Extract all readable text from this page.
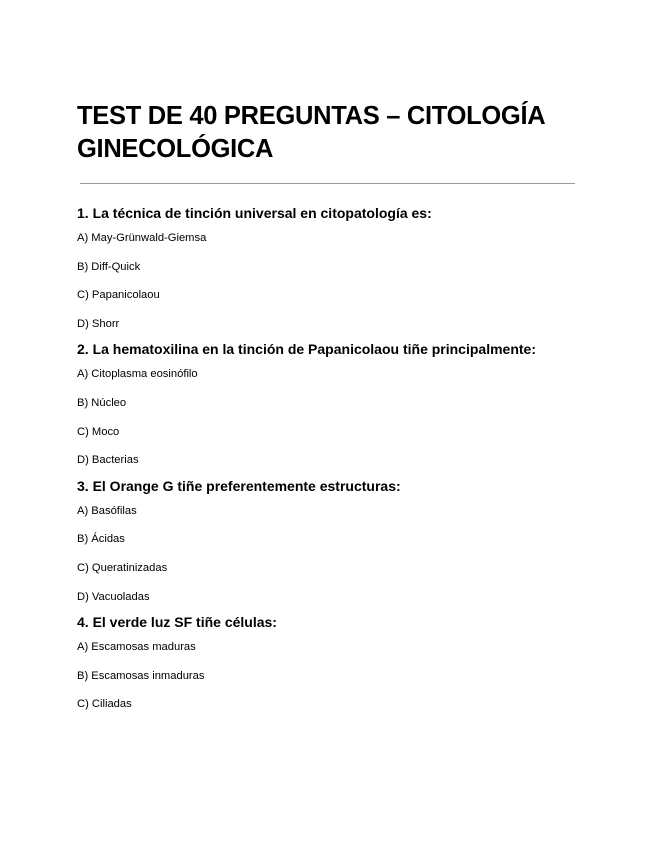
TEST DE 40 PREGUNTAS – CITOLOGÍA GINECOLÓGICA
1. La técnica de tinción universal en citopatología es:
A) May-Grünwald-Giemsa
B) Diff-Quick
C) Papanicolaou
D) Shorr
2. La hematoxilina en la tinción de Papanicolaou tiñe principalmente:
A) Citoplasma eosinófilo
B) Núcleo
C) Moco
D) Bacterias
3. El Orange G tiñe preferentemente estructuras:
A) Basófilas
B) Ácidas
C) Queratinizadas
D) Vacuoladas
4. El verde luz SF tiñe células:
A) Escamosas maduras
B) Escamosas inmaduras
C) Ciliadas
